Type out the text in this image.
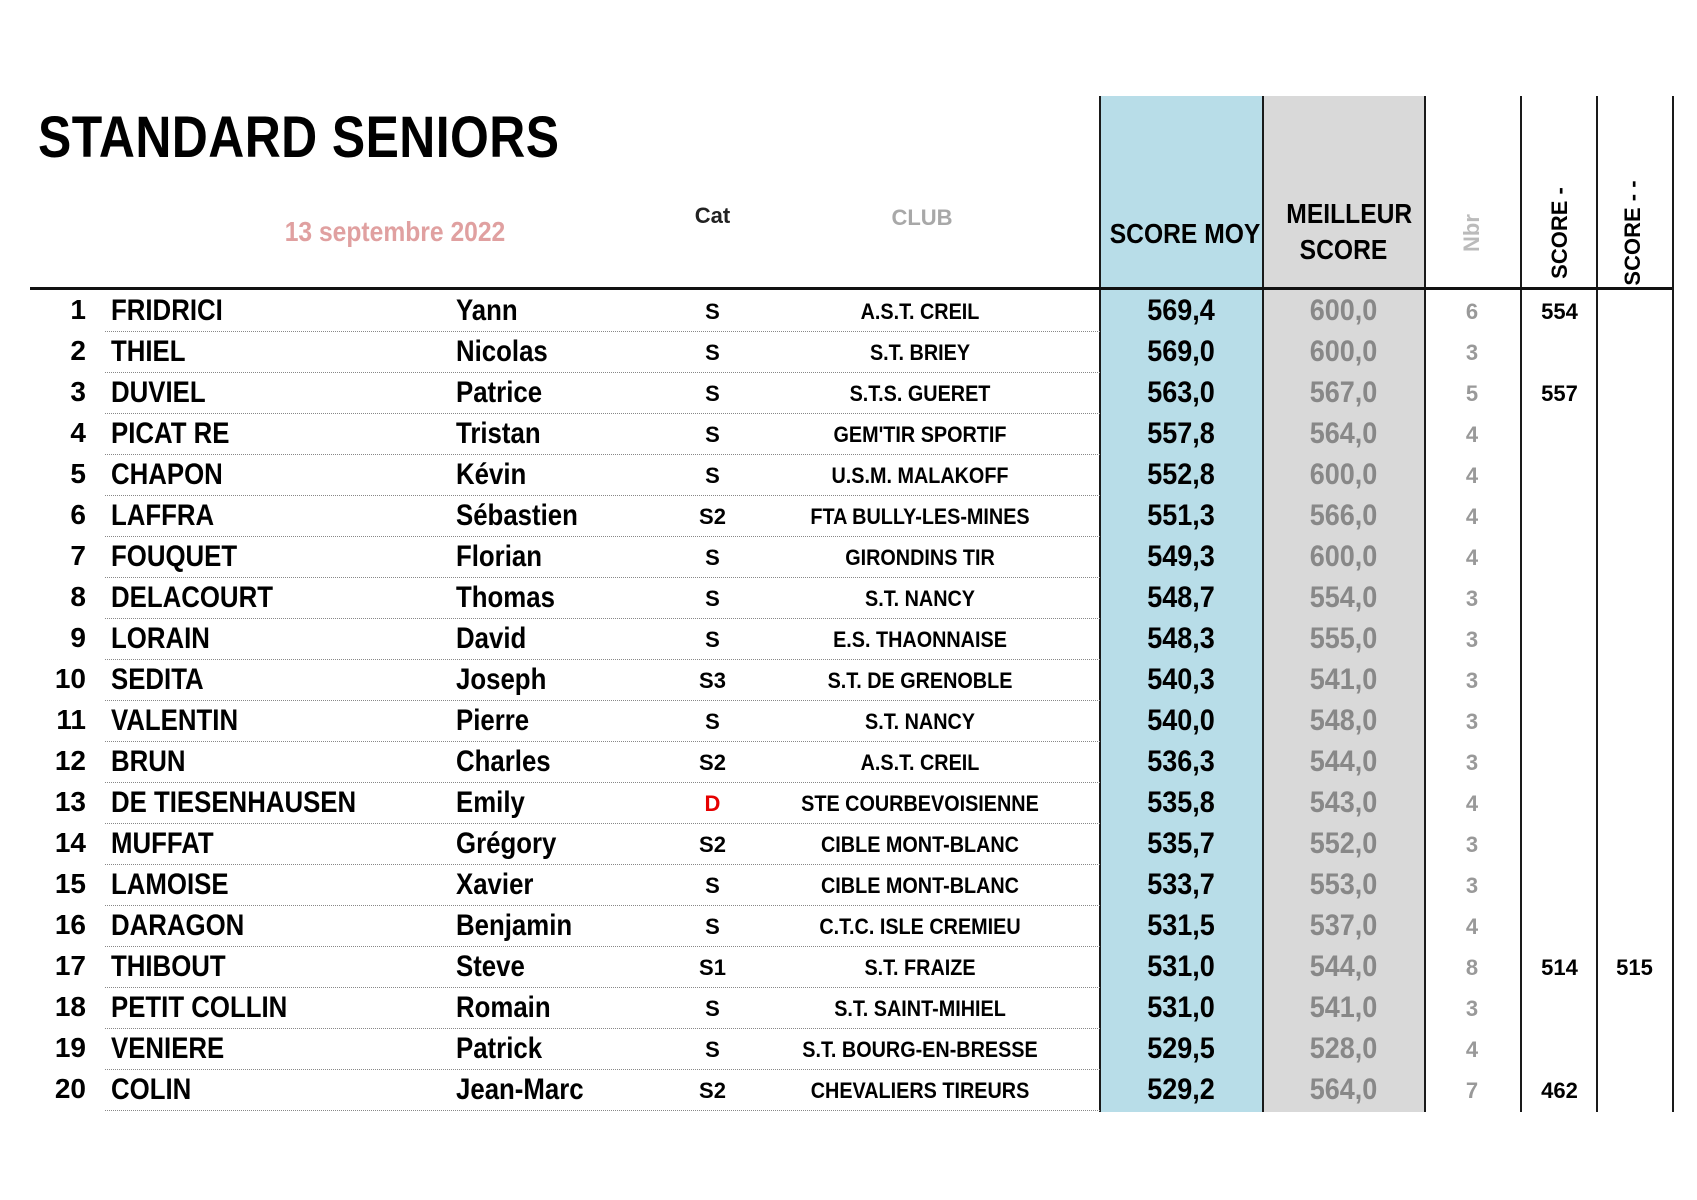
STANDARD SENIORS
13 septembre 2022
Cat	CLUB
SCORE MOY
MEILLEUR SCORE	Nbr	SCORE - SCORE - -
1 FRIDRICI	Yann	S	A.S.T. CREIL	569,4	600,0	6	554
2 THIEL	Nicolas	S	S.T. BRIEY	569,0	600,0	3
3 DUVIEL	Patrice	S	S.T.S. GUERET	563,0	567,0	5	557
4 PICAT RE	Tristan	S	GEM'TIR SPORTIF	557,8	564,0	4
5 CHAPON	Kévin	S	U.S.M. MALAKOFF	552,8	600,0	4
6 LAFFRA	Sébastien	S2	FTA BULLY-LES-MINES	551,3	566,0	4
7 FOUQUET	Florian	S	GIRONDINS TIR	549,3	600,0	4
8 DELACOURT	Thomas	S	S.T. NANCY	548,7	554,0	3
9 LORAIN	David	S	E.S. THAONNAISE	548,3	555,0	3
10 SEDITA	Joseph	S3	S.T. DE GRENOBLE	540,3	541,0	3
11 VALENTIN	Pierre	S	S.T. NANCY	540,0	548,0	3
12 BRUN	Charles	S2	A.S.T. CREIL	536,3	544,0	3
13 DE TIESENHAUSEN	Emily	D	STE COURBEVOISIENNE	535,8	543,0	4
14 MUFFAT	Grégory	S2	CIBLE MONT-BLANC	535,7	552,0	3
15 LAMOISE	Xavier	S	CIBLE MONT-BLANC	533,7	553,0	3
16 DARAGON	Benjamin	S	C.T.C. ISLE CREMIEU	531,5	537,0	4
17 THIBOUT	Steve	S1	S.T. FRAIZE	531,0	544,0	8	514	515
18 PETIT COLLIN	Romain	S	S.T. SAINT-MIHIEL	531,0	541,0	3
19 VENIERE	Patrick	S	S.T. BOURG-EN-BRESSE	529,5	528,0	4
20 COLIN	Jean-Marc	S2	CHEVALIERS TIREURS	529,2	564,0	7	462
